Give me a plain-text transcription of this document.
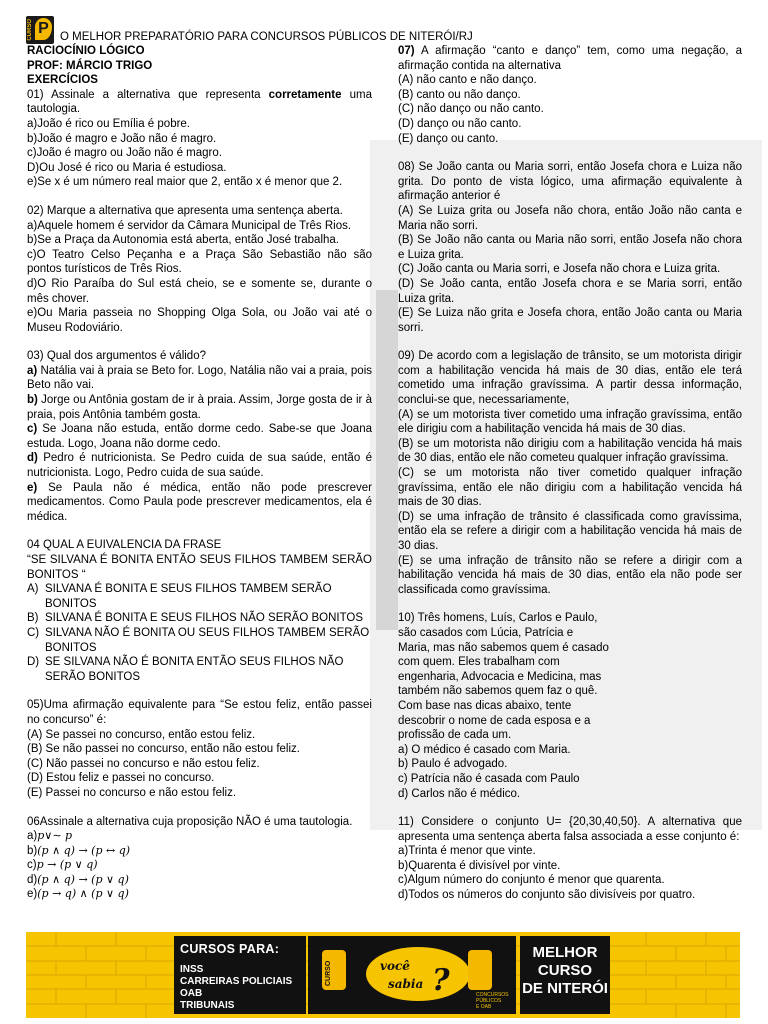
CURSO P O MELHOR PREPARATÓRIO PARA CONCURSOS PÚBLICOS DE NITERÓI/RJ

RACIOCÍNIO LÓGICO

PROF: MÁRCIO TRIGO

EXERCÍCIOS

01) Assinale a alternativa que representa corretamente uma tautologia.

a)João é rico ou Emília é pobre.

b)João é magro e João não é magro.

c)João é magro ou João não é magro.

D)Ou José é rico ou Maria é estudiosa.

e)Se x é um número real maior que 2, então x é menor que 2.

02) Marque a alternativa que apresenta uma sentença aberta.

a)Aquele homem é servidor da Câmara Municipal de Três Rios.

b)Se a Praça da Autonomia está aberta, então José trabalha.

c)O Teatro Celso Peçanha e a Praça São Sebastião não são pontos turísticos de Três Rios.

d)O Rio Paraíba do Sul está cheio, se e somente se, durante o mês chover.

e)Ou Maria passeia no Shopping Olga Sola, ou João vai até o Museu Rodoviário.

03) Qual dos argumentos é válido?

a) Natália vai à praia se Beto for. Logo, Natália não vai a praia, pois Beto não vai.

b) Jorge ou Antônia gostam de ir à praia. Assim, Jorge gosta de ir à praia, pois Antônia também gosta.

c) Se Joana não estuda, então dorme cedo. Sabe-se que Joana estuda. Logo, Joana não dorme cedo.

d) Pedro é nutricionista. Se Pedro cuida de sua saúde, então é nutricionista. Logo, Pedro cuida de sua saúde.

e) Se Paula não é médica, então não pode prescrever medicamentos. Como Paula pode prescrever medicamentos, ela é médica.

04 QUAL A EUIVALENCIA DA FRASE

“SE SILVANA É BONITA ENTÃO SEUS FILHOS TAMBEM SERÃO BONITOS “

A) SILVANA É BONITA E SEUS FILHOS TAMBEM SERÃO BONITOS

B) SILVANA É BONITA E SEUS FILHOS NÃO SERÃO BONITOS

C) SILVANA NÃO É BONITA OU SEUS FILHOS TAMBEM SERÃO BONITOS

D) SE SILVANA NÃO É BONITA ENTÃO SEUS FILHOS NÃO SERÃO BONITOS

05)Uma afirmação equivalente para “Se estou feliz, então passei no concurso” é:

(A) Se passei no concurso, então estou feliz.

(B) Se não passei no concurso, então não estou feliz.

(C) Não passei no concurso e não estou feliz.

(D) Estou feliz e passei no concurso.

(E) Passei no concurso e não estou feliz.

06Assinale a alternativa cuja proposição NÃO é uma tautologia.

a)p∨∼ p

b)(p ∧ q) → (p ↔ q)

c)p → (p ∨ q)

d)(p ∧ q) → (p ∨ q)

e)(p → q) ∧ (p ∨ q)

07) A afirmação “canto e danço” tem, como uma negação, a afirmação contida na alternativa

(A) não canto e não danço.

(B) canto ou não danço.

(C) não danço ou não canto.

(D) danço ou não canto.

(E) danço ou canto.

08) Se João canta ou Maria sorri, então Josefa chora e Luiza não grita. Do ponto de vista lógico, uma afirmação equivalente à afirmação anterior é

(A) Se Luiza grita ou Josefa não chora, então João não canta e Maria não sorri.

(B) Se João não canta ou Maria não sorri, então Josefa não chora e Luiza grita.

(C) João canta ou Maria sorri, e Josefa não chora e Luiza grita.

(D) Se João canta, então Josefa chora e se Maria sorri, então Luiza grita.

(E) Se Luiza não grita e Josefa chora, então João canta ou Maria sorri.

09) De acordo com a legislação de trânsito, se um motorista dirigir com a habilitação vencida há mais de 30 dias, então ele terá cometido uma infração gravíssima. A partir dessa informação, conclui-se que, necessariamente,

(A) se um motorista tiver cometido uma infração gravíssima, então ele dirigiu com a habilitação vencida há mais de 30 dias.

(B) se um motorista não dirigiu com a habilitação vencida há mais de 30 dias, então ele não cometeu qualquer infração gravíssima.

(C) se um motorista não tiver cometido qualquer infração gravíssima, então ele não dirigiu com a habilitação vencida há mais de 30 dias.

(D) se uma infração de trânsito é classificada como gravíssima, então ela se refere a dirigir com a habilitação vencida há mais de 30 dias.

(E) se uma infração de trânsito não se refere a dirigir com a habilitação vencida há mais de 30 dias, então ela não pode ser classificada como gravíssima.

10) Três homens, Luís, Carlos e Paulo,

são casados com Lúcia, Patrícia e

Maria, mas não sabemos quem é casado

com quem. Eles trabalham com

engenharia, Advocacia e Medicina, mas

também não sabemos quem faz o quê.

Com base nas dicas abaixo, tente

descobrir o nome de cada esposa e a

profissão de cada um.

a) O médico é casado com Maria.

b) Paulo é advogado.

c) Patrícia não é casada com Paulo

d) Carlos não é médico.

11) Considere o conjunto U= {20,30,40,50}. A alternativa que apresenta uma sentença aberta falsa associada a esse conjunto é:

a)Trinta é menor que vinte.

b)Quarenta é divisível por vinte.

c)Algum número do conjunto é menor que quarenta.

d)Todos os números do conjunto são divisíveis por quatro.

CURSOS PARA:
INSS
CARREIRAS POLICIAIS
OAB
TRIBUNAIS
CURSO	você
sabia ?	CONCURSOS
PÚBLICOS
E OAB
MELHOR
CURSO
DE NITERÓI
